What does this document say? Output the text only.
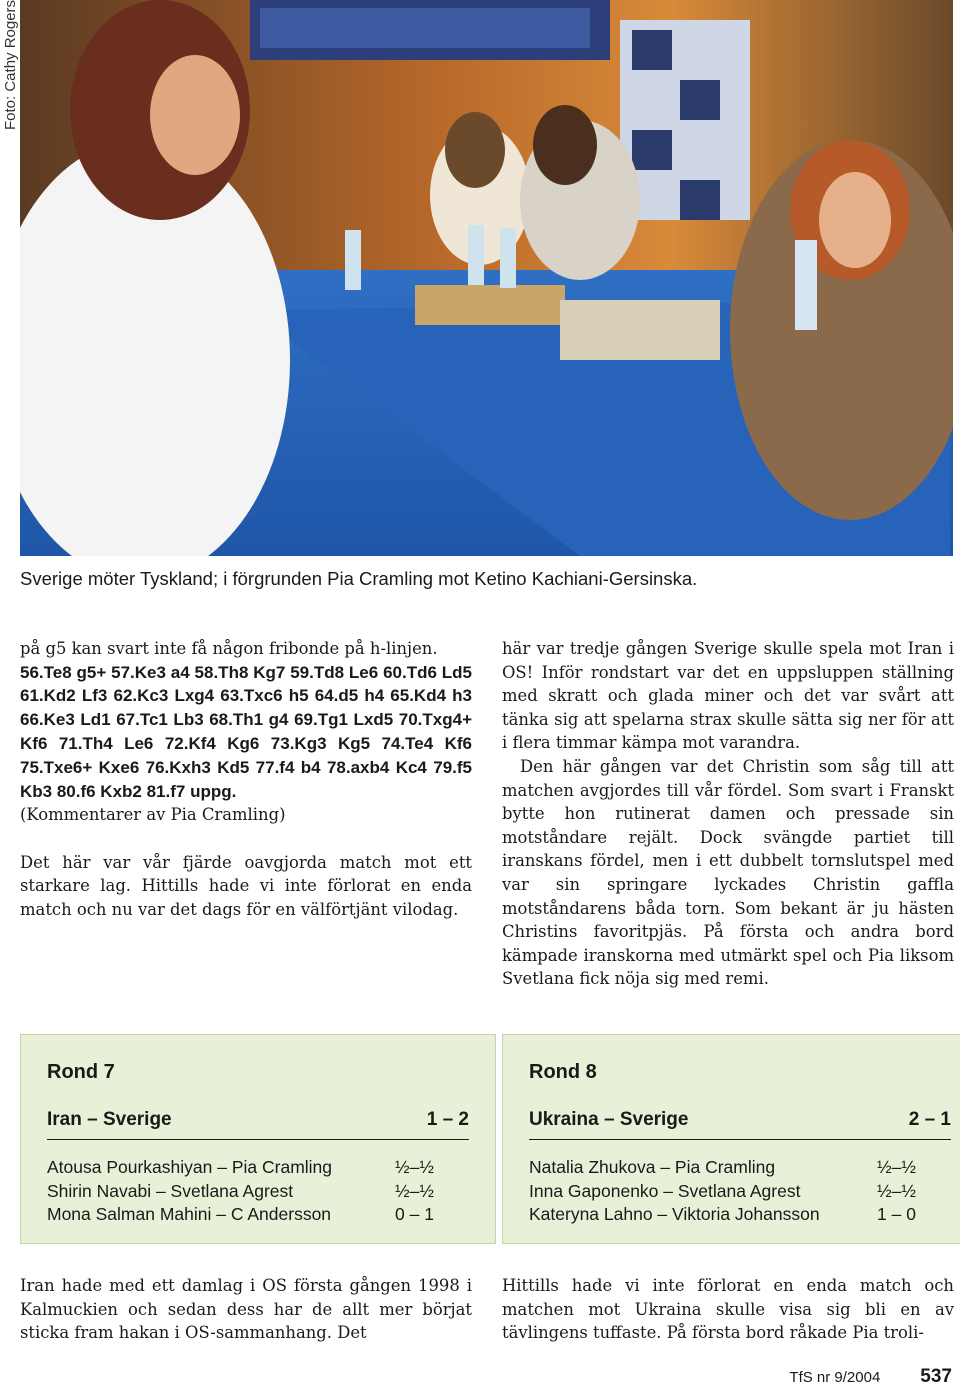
Foto: Cathy Rogers
Sverige möter Tyskland; i förgrunden Pia Cramling mot Ketino Kachiani-Gersinska.

på g5 kan svart inte få någon fribonde på h-linjen.

56.Te8 g5+ 57.Ke3 a4 58.Th8 Kg7 59.Td8 Le6 60.Td6 Ld5 61.Kd2 Lf3 62.Kc3 Lxg4 63.Txc6 h5 64.d5 h4 65.Kd4 h3 66.Ke3 Ld1 67.Tc1 Lb3 68.Th1 g4 69.Tg1 Lxd5 70.Txg4+ Kf6 71.Th4 Le6 72.Kf4 Kg6 73.Kg3 Kg5 74.Te4 Kf6 75.Txe6+ Kxe6 76.Kxh3 Kd5 77.f4 b4 78.axb4 Kc4 79.f5 Kb3 80.f6 Kxb2 81.f7 uppg.

(Kommentarer av Pia Cramling)

Det här var vår fjärde oavgjorda match mot ett starkare lag. Hittills hade vi inte förlorat en enda match och nu var det dags för en välförtjänt vilodag.

här var tredje gången Sverige skulle spela mot Iran i OS! Inför rondstart var det en uppsluppen ställning med skratt och glada miner och det var svårt att tänka sig att spelarna strax skulle sätta sig ner för att i flera timmar kämpa mot varandra.

Den här gången var det Christin som såg till att matchen avgjordes till vår fördel. Som svart i Franskt bytte hon rutinerat damen och pressade sin motståndare rejält. Dock svängde partiet till iranskans fördel, men i ett dubbelt tornslutspel med var sin springare lyckades Christin gaffla motståndarens båda torn. Som bekant är ju hästen Christins favoritpjäs. På första och andra bord kämpade iranskorna med utmärkt spel och Pia liksom Svetlana fick nöja sig med remi.

Rond 7
Iran – Sverige	1 – 2
Atousa Pourkashiyan – Pia Cramling	½–½
Shirin Navabi – Svetlana Agrest	½–½
Mona Salman Mahini – C Andersson	0 – 1
Rond 8
Ukraina – Sverige	2 – 1
Natalia Zhukova – Pia Cramling	½–½
Inna Gaponenko – Svetlana Agrest	½–½
Kateryna Lahno – Viktoria Johansson	1 – 0
Iran hade med ett damlag i OS första gången 1998 i Kalmuckien och sedan dess har de allt mer börjat sticka fram hakan i OS-sammanhang. Det
Hittills hade vi inte förlorat en enda match och matchen mot Ukraina skulle visa sig bli en av tävlingens tuffaste. På första bord råkade Pia troli-
TfS nr 9/2004 537
